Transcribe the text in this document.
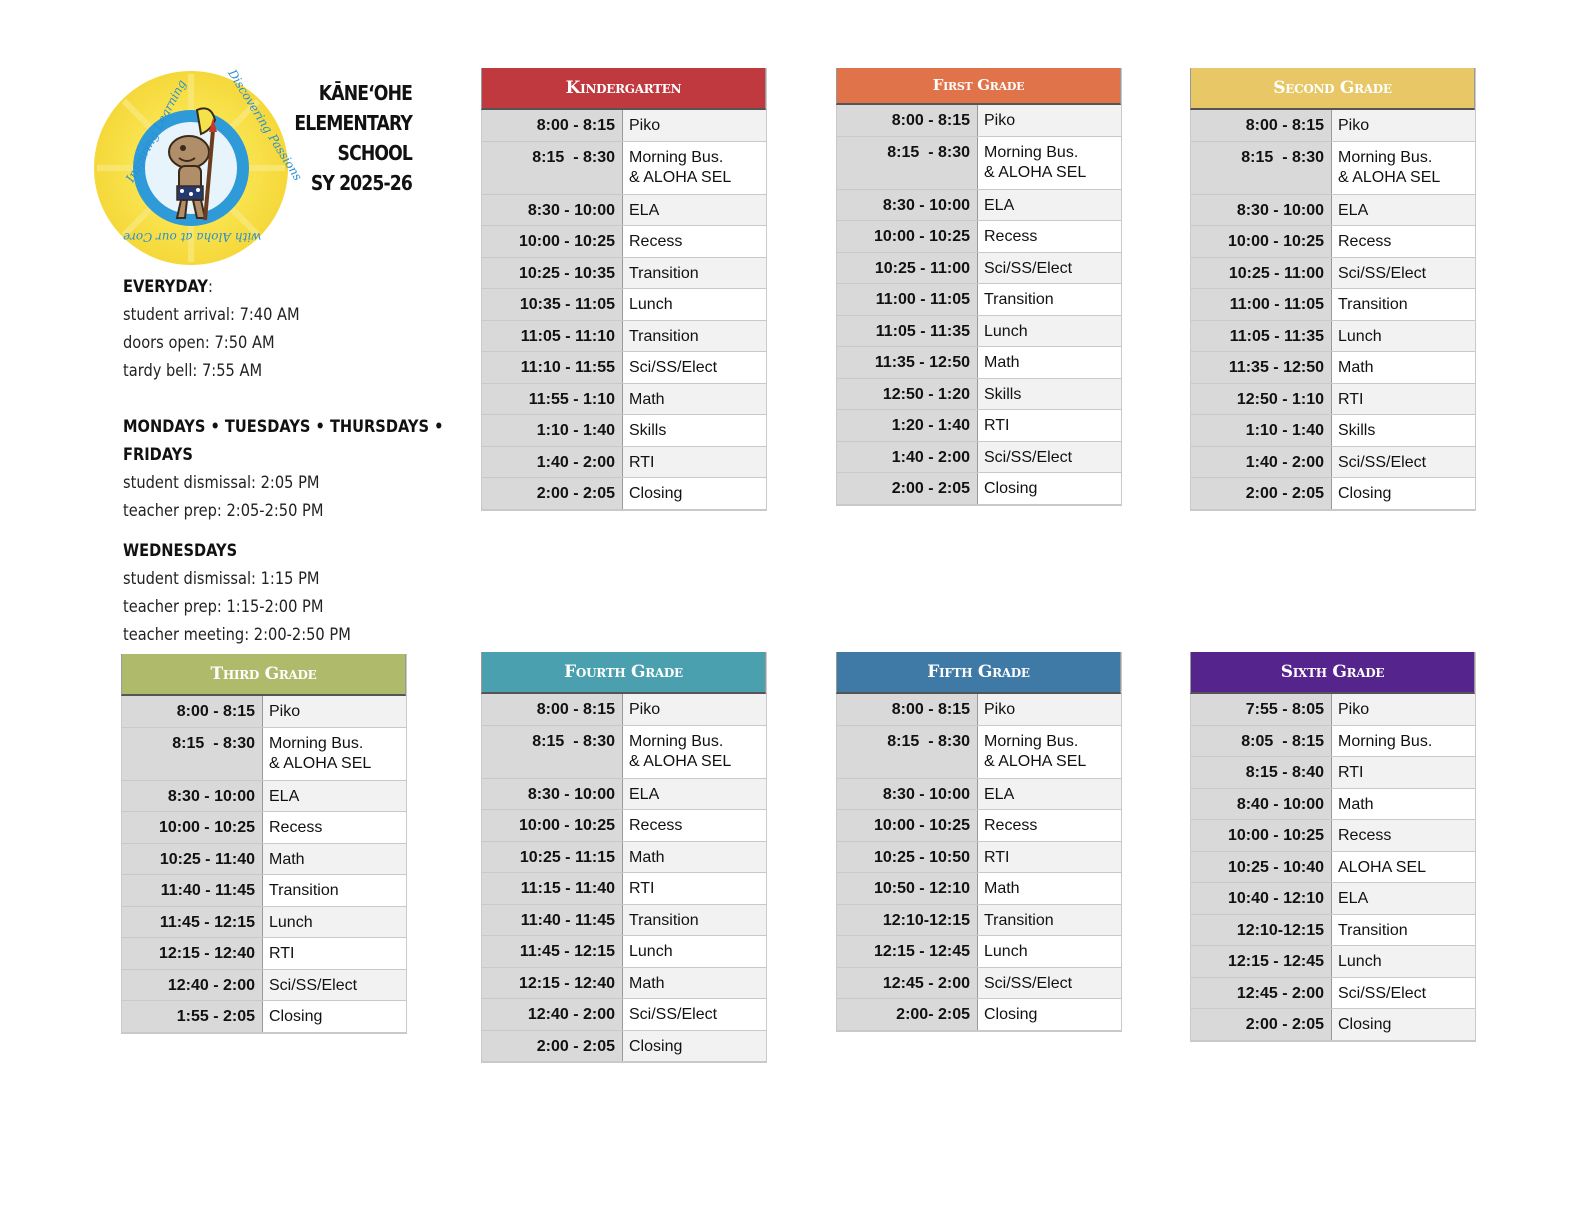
Inspiring Learning	Discovering Passions
with Aloha at our Core
KĀNE‘OHE
ELEMENTARY
SCHOOL
SY 2025-26
EVERYDAY:
student arrival: 7:40 AM
doors open: 7:50 AM
tardy bell: 7:55 AM
MONDAYS • TUESDAYS • THURSDAYS •
FRIDAYS
student dismissal: 2:05 PM
teacher prep: 2:05-2:50 PM
WEDNESDAYS
student dismissal: 1:15 PM
teacher prep: 1:15-2:00 PM
teacher meeting: 2:00-2:50 PM
Kindergarten
8:00 - 8:15 Piko
8:15  - 8:30 Morning Bus.
& ALOHA SEL
8:30 - 10:00 ELA
10:00 - 10:25 Recess
10:25 - 10:35 Transition
10:35 - 11:05 Lunch
11:05 - 11:10 Transition
11:10 - 11:55 Sci/SS/Elect
11:55 - 1:10 Math
1:10 - 1:40 Skills
1:40 - 2:00 RTI
2:00 - 2:05 Closing
First Grade
8:00 - 8:15 Piko
8:15  - 8:30 Morning Bus.
& ALOHA SEL
8:30 - 10:00 ELA
10:00 - 10:25 Recess
10:25 - 11:00 Sci/SS/Elect
11:00 - 11:05 Transition
11:05 - 11:35 Lunch
11:35 - 12:50 Math
12:50 - 1:20 Skills
1:20 - 1:40 RTI
1:40 - 2:00 Sci/SS/Elect
2:00 - 2:05 Closing
Second Grade
8:00 - 8:15 Piko
8:15  - 8:30 Morning Bus.
& ALOHA SEL
8:30 - 10:00 ELA
10:00 - 10:25 Recess
10:25 - 11:00 Sci/SS/Elect
11:00 - 11:05 Transition
11:05 - 11:35 Lunch
11:35 - 12:50 Math
12:50 - 1:10 RTI
1:10 - 1:40 Skills
1:40 - 2:00 Sci/SS/Elect
2:00 - 2:05 Closing
Third Grade
8:00 - 8:15 Piko
8:15  - 8:30 Morning Bus.
& ALOHA SEL
8:30 - 10:00 ELA
10:00 - 10:25 Recess
10:25 - 11:40 Math
11:40 - 11:45 Transition
11:45 - 12:15 Lunch
12:15 - 12:40 RTI
12:40 - 2:00 Sci/SS/Elect
1:55 - 2:05 Closing
Fourth Grade
8:00 - 8:15 Piko
8:15  - 8:30 Morning Bus.
& ALOHA SEL
8:30 - 10:00 ELA
10:00 - 10:25 Recess
10:25 - 11:15 Math
11:15 - 11:40 RTI
11:40 - 11:45 Transition
11:45 - 12:15 Lunch
12:15 - 12:40 Math
12:40 - 2:00 Sci/SS/Elect
2:00 - 2:05 Closing
Fifth Grade
8:00 - 8:15 Piko
8:15  - 8:30 Morning Bus.
& ALOHA SEL
8:30 - 10:00 ELA
10:00 - 10:25 Recess
10:25 - 10:50 RTI
10:50 - 12:10 Math
12:10-12:15 Transition
12:15 - 12:45 Lunch
12:45 - 2:00 Sci/SS/Elect
2:00- 2:05 Closing
Sixth Grade
7:55 - 8:05 Piko
8:05  - 8:15 Morning Bus.
8:15 - 8:40 RTI
8:40 - 10:00 Math
10:00 - 10:25 Recess
10:25 - 10:40 ALOHA SEL
10:40 - 12:10 ELA
12:10-12:15 Transition
12:15 - 12:45 Lunch
12:45 - 2:00 Sci/SS/Elect
2:00 - 2:05 Closing
